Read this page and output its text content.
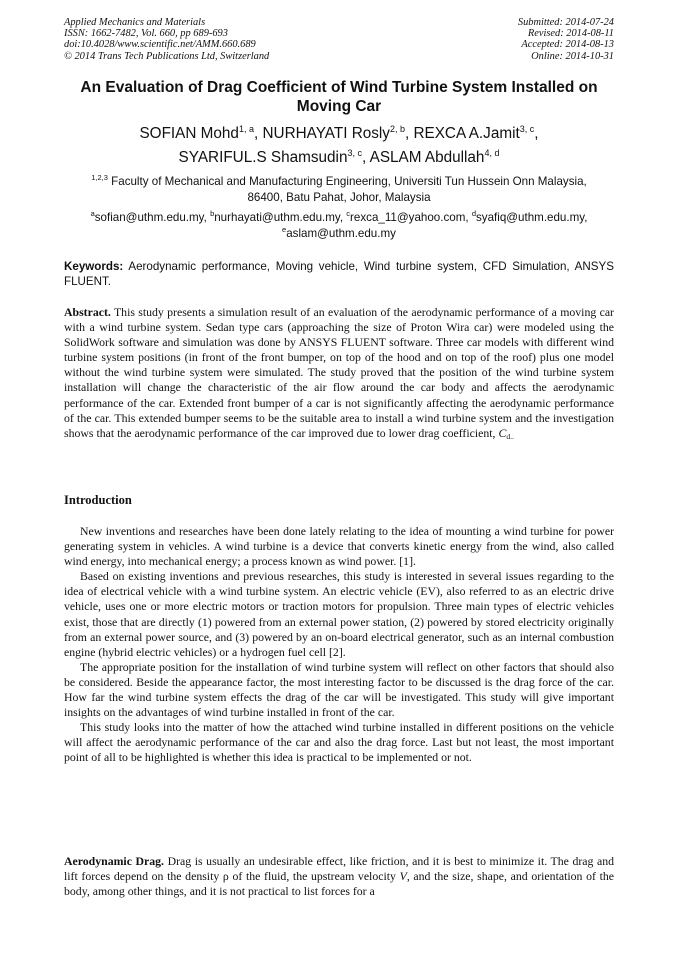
Applied Mechanics and Materials
ISSN: 1662-7482, Vol. 660, pp 689-693
doi:10.4028/www.scientific.net/AMM.660.689
© 2014 Trans Tech Publications Ltd, Switzerland
Submitted: 2014-07-24
Revised: 2014-08-11
Accepted: 2014-08-13
Online: 2014-10-31
An Evaluation of Drag Coefficient of Wind Turbine System Installed on
Moving Car
SOFIAN Mohd$^{1, a}$, NURHAYATI Rosly$^{2, b}$, REXCA A.Jamit$^{3, c}$,
SYARIFUL.S Shamsudin$^{3, c}$, ASLAM Abdullah$^{4, d}$
$^{1,2,3}$ Faculty of Mechanical and Manufacturing Engineering, Universiti Tun Hussein Onn Malaysia,
86400, Batu Pahat, Johor, Malaysia
$^a$sofian@uthm.edu.my, $^b$nurhayati@uthm.edu.my, $^c$rexca_11@yahoo.com, $^d$syafiq@uthm.edu.my,
$^e$aslam@uthm.edu.my
Keywords: Aerodynamic performance, Moving vehicle, Wind turbine system, CFD Simulation, ANSYS FLUENT.
Abstract. This study presents a simulation result of an evaluation of the aerodynamic performance of a moving car with a wind turbine system. Sedan type cars (approaching the size of Proton Wira car) were modeled using the SolidWork software and simulation was done by ANSYS FLUENT software. Three car models with different wind turbine system positions (in front of the front bumper, on top of the hood and on top of the roof) plus one model without the wind turbine system were simulated. The study proved that the position of the wind turbine system installation will change the characteristic of the air flow around the car body and affects the aerodynamic performance of the car. Extended front bumper of a car is not significantly affecting the aerodynamic performance of the car. This extended bumper seems to be the suitable area to install a wind turbine system and the investigation shows that the aerodynamic performance of the car improved due to lower drag coefficient, $C_{d..}$
Introduction

New inventions and researches have been done lately relating to the idea of mounting a wind turbine for power generating system in vehicles. A wind turbine is a device that converts kinetic energy from the wind, also called wind energy, into mechanical energy; a process known as wind power. [1].

Based on existing inventions and previous researches, this study is interested in several issues regarding to the idea of electrical vehicle with a wind turbine system. An electric vehicle (EV), also referred to as an electric drive vehicle, uses one or more electric motors or traction motors for propulsion. Three main types of electric vehicles exist, those that are directly (1) powered from an external power station, (2) powered by stored electricity originally from an external power source, and (3) powered by an on-board electrical generator, such as an internal combustion engine (hybrid electric vehicles) or a hydrogen fuel cell [2].

The appropriate position for the installation of wind turbine system will reflect on other factors that should also be considered. Beside the appearance factor, the most interesting factor to be discussed is the drag force of the car. How far the wind turbine system effects the drag of the car will be investigated. This study will give important insights on the advantages of wind turbine installed in front of the car.

This study looks into the matter of how the attached wind turbine installed in different positions on the vehicle will affect the aerodynamic performance of the car and also the drag force. Last but not least, the most important point of all to be highlighted is whether this idea is practical to be implemented or not.

Aerodynamic Drag. Drag is usually an undesirable effect, like friction, and it is best to minimize it. The drag and lift forces depend on the density ρ of the fluid, the upstream velocity V, and the size, shape, and orientation of the body, among other things, and it is not practical to list forces for a
